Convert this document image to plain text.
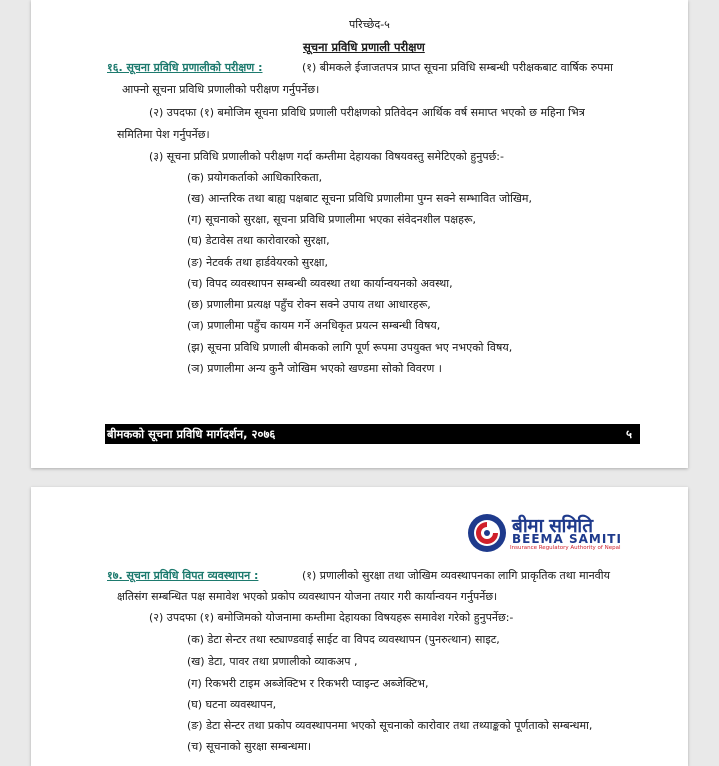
परिच्छेद-५
सूचना प्रविधि प्रणाली परीक्षण
१६. सूचना प्रविधि प्रणालीको परीक्षण :	(१) बीमकले ईजाजतपत्र प्राप्त सूचना प्रविधि सम्बन्धी परीक्षकबाट वार्षिक रुपमा
आफ्नो सूचना प्रविधि प्रणालीको परीक्षण गर्नुपर्नेछ।
(२) उपदफा (१) बमोजिम सूचना प्रविधि प्रणाली परीक्षणको प्रतिवेदन आर्थिक वर्ष समाप्त भएको छ महिना भित्र
समितिमा पेश गर्नुपर्नेछ।
(३) सूचना प्रविधि प्रणालीको परीक्षण गर्दा कम्तीमा देहायका विषयवस्तु समेटिएको हुनुपर्छ:-
(क) प्रयोगकर्ताको आधिकारिकता,
(ख) आन्तरिक तथा बाह्य पक्षबाट सूचना प्रविधि प्रणालीमा पुग्न सक्ने सम्भावित जोखिम,
(ग) सूचनाको सुरक्षा, सूचना प्रविधि प्रणालीमा भएका संवेदनशील पक्षहरू,
(घ) डेटावेस तथा कारोवारको सुरक्षा,
(ङ) नेटवर्क तथा हार्डवेयरको सुरक्षा,
(च) विपद व्यवस्थापन सम्बन्धी व्यवस्था तथा कार्यान्वयनको अवस्था,
(छ) प्रणालीमा प्रत्यक्ष पहुँच रोक्न सक्ने उपाय तथा आधारहरू,
(ज) प्रणालीमा पहुँच कायम गर्ने अनधिकृत प्रयत्न सम्बन्धी विषय,
(झ) सूचना प्रविधि प्रणाली बीमकको लागि पूर्ण रूपमा उपयुक्त भए नभएको विषय,
(ञ) प्रणालीमा अन्य कुनै जोखिम भएको खण्डमा सोको विवरण ।
बीमकको सूचना प्रविधि मार्गदर्शन, २०७६	५
बीमा समिति
BEEMA SAMITI
Insurance Regulatory Authority of Nepal
१७. सूचना प्रविधि विपत व्यवस्थापन :	(१) प्रणालीको सुरक्षा तथा जोखिम व्यवस्थापनका लागि प्राकृतिक तथा मानवीय
क्षतिसंग सम्बन्धित पक्ष समावेश भएको प्रकोप व्यवस्थापन योजना तयार गरी कार्यान्वयन गर्नुपर्नेछ।
(२) उपदफा (१) बमोजिमको योजनामा कम्तीमा देहायका विषयहरू समावेश गरेको हुनुपर्नेछ:-
(क) डेटा सेन्टर तथा स्ट्याण्डवाई साईट वा विपद व्यवस्थापन (पुनरुत्थान) साइट,
(ख) डेटा, पावर तथा प्रणालीको व्याकअप ,
(ग) रिकभरी टाइम अब्जेक्टिभ र रिकभरी प्वाइन्ट अब्जेक्टिभ,
(घ) घटना व्यवस्थापन,
(ङ) डेटा सेन्टर तथा प्रकोप व्यवस्थापनमा भएको सूचनाको कारोवार तथा तथ्याङ्कको पूर्णताको सम्बन्धमा,
(च) सूचनाको सुरक्षा सम्बन्धमा।
